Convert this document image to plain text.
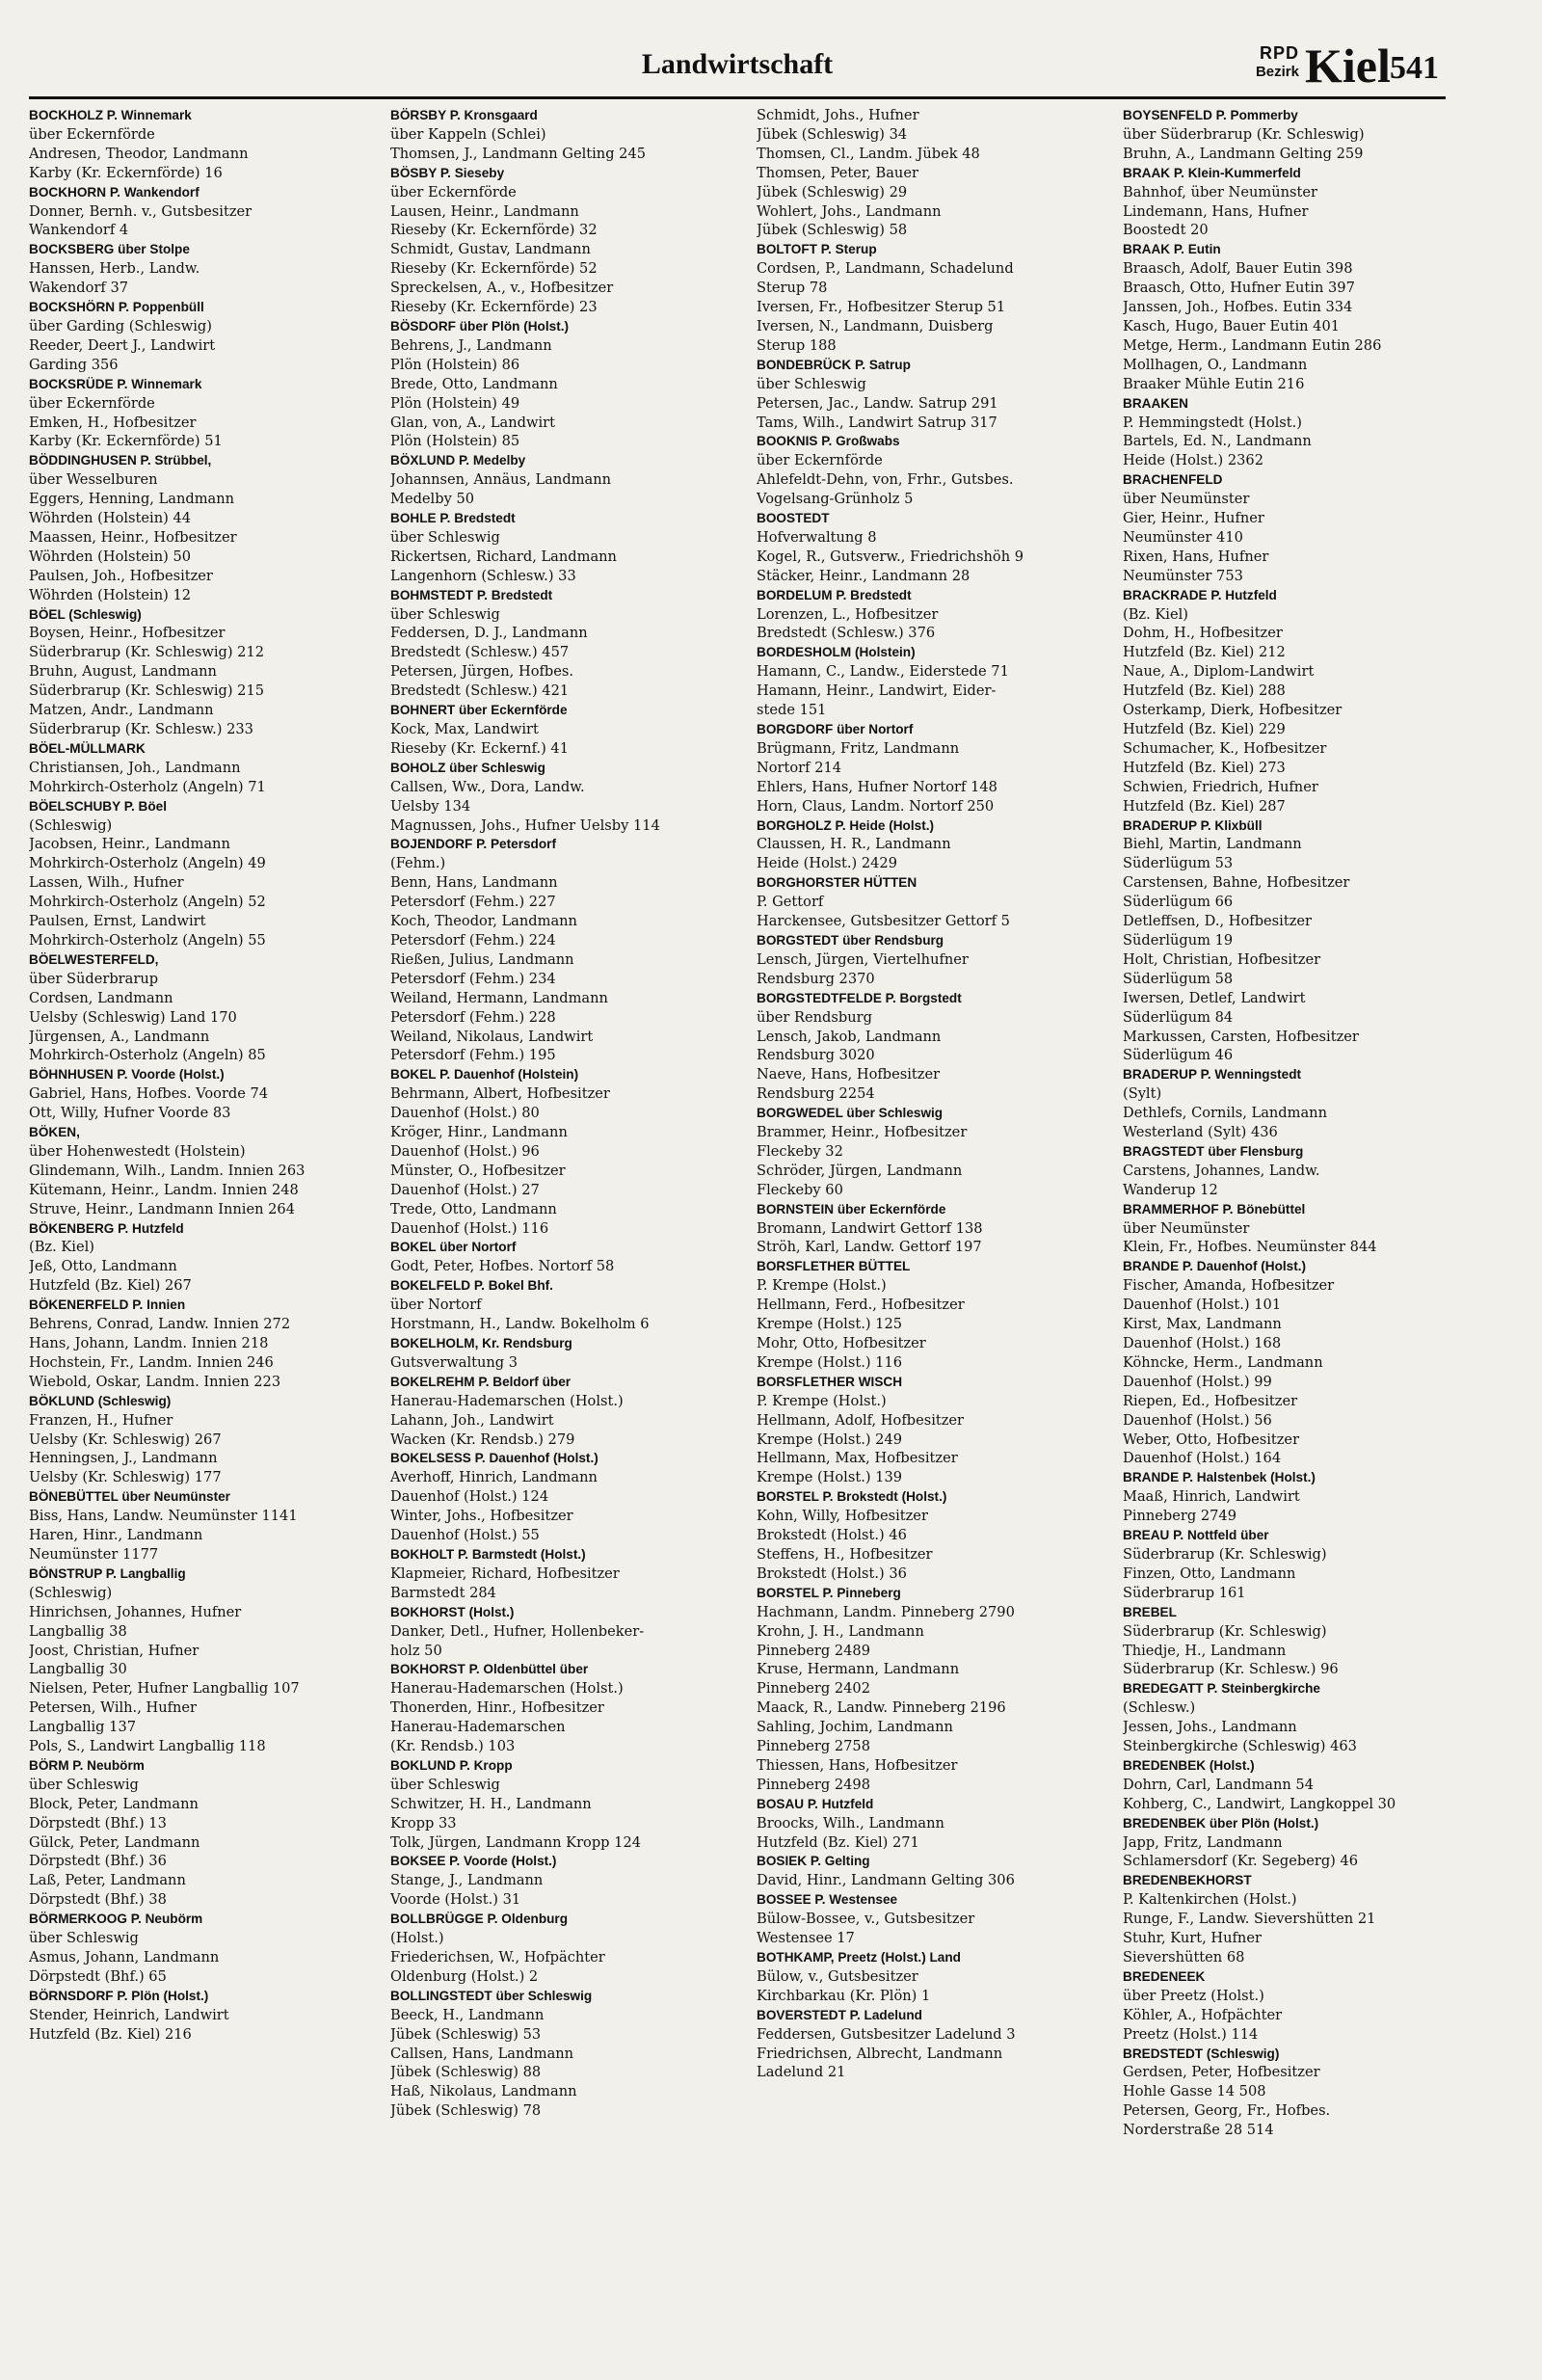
Landwirtschaft	RPD
Bezirk Kiel 541

BOCKHOLZ P. Winnemark

über Eckernförde

Andresen, Theodor, Landmann

Karby (Kr. Eckernförde) 16

BOCKHORN P. Wankendorf

Donner, Bernh. v., Gutsbesitzer

Wankendorf 4

BOCKSBERG über Stolpe

Hanssen, Herb., Landw.

Wakendorf 37

BOCKSHÖRN P. Poppenbüll

über Garding (Schleswig)

Reeder, Deert J., Landwirt

Garding 356

BOCKSRÜDE P. Winnemark

über Eckernförde

Emken, H., Hofbesitzer

Karby (Kr. Eckernförde) 51

BÖDDINGHUSEN P. Strübbel,

über Wesselburen

Eggers, Henning, Landmann

Wöhrden (Holstein) 44

Maassen, Heinr., Hofbesitzer

Wöhrden (Holstein) 50

Paulsen, Joh., Hofbesitzer

Wöhrden (Holstein) 12

BÖEL (Schleswig)

Boysen, Heinr., Hofbesitzer

Süderbrarup (Kr. Schleswig) 212

Bruhn, August, Landmann

Süderbrarup (Kr. Schleswig) 215

Matzen, Andr., Landmann

Süderbrarup (Kr. Schlesw.) 233

BÖEL-MÜLLMARK

Christiansen, Joh., Landmann

Mohrkirch-Osterholz (Angeln) 71

BÖELSCHUBY P. Böel

(Schleswig)

Jacobsen, Heinr., Landmann

Mohrkirch-Osterholz (Angeln) 49

Lassen, Wilh., Hufner

Mohrkirch-Osterholz (Angeln) 52

Paulsen, Ernst, Landwirt

Mohrkirch-Osterholz (Angeln) 55

BÖELWESTERFELD,

über Süderbrarup

Cordsen, Landmann

Uelsby (Schleswig) Land 170

Jürgensen, A., Landmann

Mohrkirch-Osterholz (Angeln) 85

BÖHNHUSEN P. Voorde (Holst.)

Gabriel, Hans, Hofbes. Voorde 74

Ott, Willy, Hufner Voorde 83

BÖKEN,

über Hohenwestedt (Holstein)

Glindemann, Wilh., Landm. Innien 263

Kütemann, Heinr., Landm. Innien 248

Struve, Heinr., Landmann Innien 264

BÖKENBERG P. Hutzfeld

(Bz. Kiel)

Jeß, Otto, Landmann

Hutzfeld (Bz. Kiel) 267

BÖKENERFELD P. Innien

Behrens, Conrad, Landw. Innien 272

Hans, Johann, Landm. Innien 218

Hochstein, Fr., Landm. Innien 246

Wiebold, Oskar, Landm. Innien 223

BÖKLUND (Schleswig)

Franzen, H., Hufner

Uelsby (Kr. Schleswig) 267

Henningsen, J., Landmann

Uelsby (Kr. Schleswig) 177

BÖNEBÜTTEL über Neumünster

Biss, Hans, Landw. Neumünster 1141

Haren, Hinr., Landmann

Neumünster 1177

BÖNSTRUP P. Langballig

(Schleswig)

Hinrichsen, Johannes, Hufner

Langballig 38

Joost, Christian, Hufner

Langballig 30

Nielsen, Peter, Hufner Langballig 107

Petersen, Wilh., Hufner

Langballig 137

Pols, S., Landwirt Langballig 118

BÖRM P. Neubörm

über Schleswig

Block, Peter, Landmann

Dörpstedt (Bhf.) 13

Gülck, Peter, Landmann

Dörpstedt (Bhf.) 36

Laß, Peter, Landmann

Dörpstedt (Bhf.) 38

BÖRMERKOOG P. Neubörm

über Schleswig

Asmus, Johann, Landmann

Dörpstedt (Bhf.) 65

BÖRNSDORF P. Plön (Holst.)

Stender, Heinrich, Landwirt

Hutzfeld (Bz. Kiel) 216

BÖRSBY P. Kronsgaard

über Kappeln (Schlei)

Thomsen, J., Landmann Gelting 245

BÖSBY P. Sieseby

über Eckernförde

Lausen, Heinr., Landmann

Rieseby (Kr. Eckernförde) 32

Schmidt, Gustav, Landmann

Rieseby (Kr. Eckernförde) 52

Spreckelsen, A., v., Hofbesitzer

Rieseby (Kr. Eckernförde) 23

BÖSDORF über Plön (Holst.)

Behrens, J., Landmann

Plön (Holstein) 86

Brede, Otto, Landmann

Plön (Holstein) 49

Glan, von, A., Landwirt

Plön (Holstein) 85

BÖXLUND P. Medelby

Johannsen, Annäus, Landmann

Medelby 50

BOHLE P. Bredstedt

über Schleswig

Rickertsen, Richard, Landmann

Langenhorn (Schlesw.) 33

BOHMSTEDT P. Bredstedt

über Schleswig

Feddersen, D. J., Landmann

Bredstedt (Schlesw.) 457

Petersen, Jürgen, Hofbes.

Bredstedt (Schlesw.) 421

BOHNERT über Eckernförde

Kock, Max, Landwirt

Rieseby (Kr. Eckernf.) 41

BOHOLZ über Schleswig

Callsen, Ww., Dora, Landw.

Uelsby 134

Magnussen, Johs., Hufner Uelsby 114

BOJENDORF P. Petersdorf

(Fehm.)

Benn, Hans, Landmann

Petersdorf (Fehm.) 227

Koch, Theodor, Landmann

Petersdorf (Fehm.) 224

Rießen, Julius, Landmann

Petersdorf (Fehm.) 234

Weiland, Hermann, Landmann

Petersdorf (Fehm.) 228

Weiland, Nikolaus, Landwirt

Petersdorf (Fehm.) 195

BOKEL P. Dauenhof (Holstein)

Behrmann, Albert, Hofbesitzer

Dauenhof (Holst.) 80

Kröger, Hinr., Landmann

Dauenhof (Holst.) 96

Münster, O., Hofbesitzer

Dauenhof (Holst.) 27

Trede, Otto, Landmann

Dauenhof (Holst.) 116

BOKEL über Nortorf

Godt, Peter, Hofbes. Nortorf 58

BOKELFELD P. Bokel Bhf.

über Nortorf

Horstmann, H., Landw. Bokelholm 6

BOKELHOLM, Kr. Rendsburg

Gutsverwaltung 3

BOKELREHM P. Beldorf über

Hanerau-Hademarschen (Holst.)

Lahann, Joh., Landwirt

Wacken (Kr. Rendsb.) 279

BOKELSESS P. Dauenhof (Holst.)

Averhoff, Hinrich, Landmann

Dauenhof (Holst.) 124

Winter, Johs., Hofbesitzer

Dauenhof (Holst.) 55

BOKHOLT P. Barmstedt (Holst.)

Klapmeier, Richard, Hofbesitzer

Barmstedt 284

BOKHORST (Holst.)

Danker, Detl., Hufner, Hollenbeker-

holz 50

BOKHORST P. Oldenbüttel über

Hanerau-Hademarschen (Holst.)

Thonerden, Hinr., Hofbesitzer

Hanerau-Hademarschen

(Kr. Rendsb.) 103

BOKLUND P. Kropp

über Schleswig

Schwitzer, H. H., Landmann

Kropp 33

Tolk, Jürgen, Landmann Kropp 124

BOKSEE P. Voorde (Holst.)

Stange, J., Landmann

Voorde (Holst.) 31

BOLLBRÜGGE P. Oldenburg

(Holst.)

Friederichsen, W., Hofpächter

Oldenburg (Holst.) 2

BOLLINGSTEDT über Schleswig

Beeck, H., Landmann

Jübek (Schleswig) 53

Callsen, Hans, Landmann

Jübek (Schleswig) 88

Haß, Nikolaus, Landmann

Jübek (Schleswig) 78

Schmidt, Johs., Hufner

Jübek (Schleswig) 34

Thomsen, Cl., Landm. Jübek 48

Thomsen, Peter, Bauer

Jübek (Schleswig) 29

Wohlert, Johs., Landmann

Jübek (Schleswig) 58

BOLTOFT P. Sterup

Cordsen, P., Landmann, Schadelund

Sterup 78

Iversen, Fr., Hofbesitzer Sterup 51

Iversen, N., Landmann, Duisberg

Sterup 188

BONDEBRÜCK P. Satrup

über Schleswig

Petersen, Jac., Landw. Satrup 291

Tams, Wilh., Landwirt Satrup 317

BOOKNIS P. Großwabs

über Eckernförde

Ahlefeldt-Dehn, von, Frhr., Gutsbes.

Vogelsang-Grünholz 5

BOOSTEDT

Hofverwaltung 8

Kogel, R., Gutsverw., Friedrichshöh 9

Stäcker, Heinr., Landmann 28

BORDELUM P. Bredstedt

Lorenzen, L., Hofbesitzer

Bredstedt (Schlesw.) 376

BORDESHOLM (Holstein)

Hamann, C., Landw., Eiderstede 71

Hamann, Heinr., Landwirt, Eider-

stede 151

BORGDORF über Nortorf

Brügmann, Fritz, Landmann

Nortorf 214

Ehlers, Hans, Hufner Nortorf 148

Horn, Claus, Landm. Nortorf 250

BORGHOLZ P. Heide (Holst.)

Claussen, H. R., Landmann

Heide (Holst.) 2429

BORGHORSTER HÜTTEN

P. Gettorf

Harckensee, Gutsbesitzer Gettorf 5

BORGSTEDT über Rendsburg

Lensch, Jürgen, Viertelhufner

Rendsburg 2370

BORGSTEDTFELDE P. Borgstedt

über Rendsburg

Lensch, Jakob, Landmann

Rendsburg 3020

Naeve, Hans, Hofbesitzer

Rendsburg 2254

BORGWEDEL über Schleswig

Brammer, Heinr., Hofbesitzer

Fleckeby 32

Schröder, Jürgen, Landmann

Fleckeby 60

BORNSTEIN über Eckernförde

Bromann, Landwirt Gettorf 138

Ströh, Karl, Landw. Gettorf 197

BORSFLETHER BÜTTEL

P. Krempe (Holst.)

Hellmann, Ferd., Hofbesitzer

Krempe (Holst.) 125

Mohr, Otto, Hofbesitzer

Krempe (Holst.) 116

BORSFLETHER WISCH

P. Krempe (Holst.)

Hellmann, Adolf, Hofbesitzer

Krempe (Holst.) 249

Hellmann, Max, Hofbesitzer

Krempe (Holst.) 139

BORSTEL P. Brokstedt (Holst.)

Kohn, Willy, Hofbesitzer

Brokstedt (Holst.) 46

Steffens, H., Hofbesitzer

Brokstedt (Holst.) 36

BORSTEL P. Pinneberg

Hachmann, Landm. Pinneberg 2790

Krohn, J. H., Landmann

Pinneberg 2489

Kruse, Hermann, Landmann

Pinneberg 2402

Maack, R., Landw. Pinneberg 2196

Sahling, Jochim, Landmann

Pinneberg 2758

Thiessen, Hans, Hofbesitzer

Pinneberg 2498

BOSAU P. Hutzfeld

Broocks, Wilh., Landmann

Hutzfeld (Bz. Kiel) 271

BOSIEK P. Gelting

David, Hinr., Landmann Gelting 306

BOSSEE P. Westensee

Bülow-Bossee, v., Gutsbesitzer

Westensee 17

BOTHKAMP, Preetz (Holst.) Land

Bülow, v., Gutsbesitzer

Kirchbarkau (Kr. Plön) 1

BOVERSTEDT P. Ladelund

Feddersen, Gutsbesitzer Ladelund 3

Friedrichsen, Albrecht, Landmann

Ladelund 21

BOYSENFELD P. Pommerby

über Süderbrarup (Kr. Schleswig)

Bruhn, A., Landmann Gelting 259

BRAAK P. Klein-Kummerfeld

Bahnhof, über Neumünster

Lindemann, Hans, Hufner

Boostedt 20

BRAAK P. Eutin

Braasch, Adolf, Bauer Eutin 398

Braasch, Otto, Hufner Eutin 397

Janssen, Joh., Hofbes. Eutin 334

Kasch, Hugo, Bauer Eutin 401

Metge, Herm., Landmann Eutin 286

Mollhagen, O., Landmann

Braaker Mühle Eutin 216

BRAAKEN

P. Hemmingstedt (Holst.)

Bartels, Ed. N., Landmann

Heide (Holst.) 2362

BRACHENFELD

über Neumünster

Gier, Heinr., Hufner

Neumünster 410

Rixen, Hans, Hufner

Neumünster 753

BRACKRADE P. Hutzfeld

(Bz. Kiel)

Dohm, H., Hofbesitzer

Hutzfeld (Bz. Kiel) 212

Naue, A., Diplom-Landwirt

Hutzfeld (Bz. Kiel) 288

Osterkamp, Dierk, Hofbesitzer

Hutzfeld (Bz. Kiel) 229

Schumacher, K., Hofbesitzer

Hutzfeld (Bz. Kiel) 273

Schwien, Friedrich, Hufner

Hutzfeld (Bz. Kiel) 287

BRADERUP P. Klixbüll

Biehl, Martin, Landmann

Süderlügum 53

Carstensen, Bahne, Hofbesitzer

Süderlügum 66

Detleffsen, D., Hofbesitzer

Süderlügum 19

Holt, Christian, Hofbesitzer

Süderlügum 58

Iwersen, Detlef, Landwirt

Süderlügum 84

Markussen, Carsten, Hofbesitzer

Süderlügum 46

BRADERUP P. Wenningstedt

(Sylt)

Dethlefs, Cornils, Landmann

Westerland (Sylt) 436

BRAGSTEDT über Flensburg

Carstens, Johannes, Landw.

Wanderup 12

BRAMMERHOF P. Bönebüttel

über Neumünster

Klein, Fr., Hofbes. Neumünster 844

BRANDE P. Dauenhof (Holst.)

Fischer, Amanda, Hofbesitzer

Dauenhof (Holst.) 101

Kirst, Max, Landmann

Dauenhof (Holst.) 168

Köhncke, Herm., Landmann

Dauenhof (Holst.) 99

Riepen, Ed., Hofbesitzer

Dauenhof (Holst.) 56

Weber, Otto, Hofbesitzer

Dauenhof (Holst.) 164

BRANDE P. Halstenbek (Holst.)

Maaß, Hinrich, Landwirt

Pinneberg 2749

BREAU P. Nottfeld über

Süderbrarup (Kr. Schleswig)

Finzen, Otto, Landmann

Süderbrarup 161

BREBEL

Süderbrarup (Kr. Schleswig)

Thiedje, H., Landmann

Süderbrarup (Kr. Schlesw.) 96

BREDEGATT P. Steinbergkirche

(Schlesw.)

Jessen, Johs., Landmann

Steinbergkirche (Schleswig) 463

BREDENBEK (Holst.)

Dohrn, Carl, Landmann 54

Kohberg, C., Landwirt, Langkoppel 30

BREDENBEK über Plön (Holst.)

Japp, Fritz, Landmann

Schlamersdorf (Kr. Segeberg) 46

BREDENBEKHORST

P. Kaltenkirchen (Holst.)

Runge, F., Landw. Sievershütten 21

Stuhr, Kurt, Hufner

Sievershütten 68

BREDENEEK

über Preetz (Holst.)

Köhler, A., Hofpächter

Preetz (Holst.) 114

BREDSTEDT (Schleswig)

Gerdsen, Peter, Hofbesitzer

Hohle Gasse 14 508

Petersen, Georg, Fr., Hofbes.

Norderstraße 28 514
